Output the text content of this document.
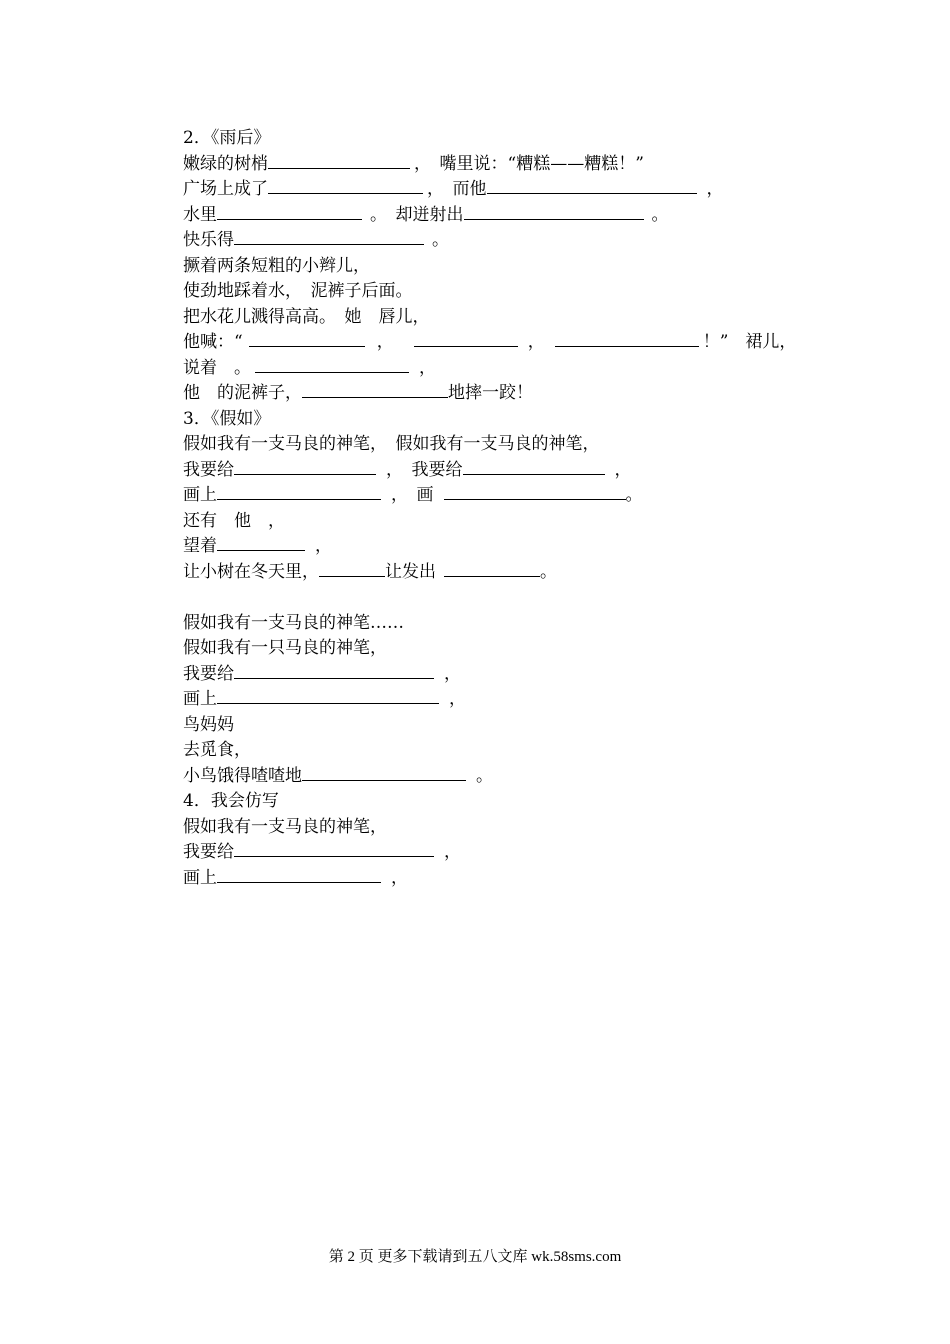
2．《雨后》
嫩绿的树梢	，　嘴里说：“糟糕——糟糕！”
广场上成了	，　而他	，
水里	。　却迸射出	。
快乐得	。
撅着两条短粗的小辫儿，
使劲地踩着水，　泥裤子后面。
把水花儿溅得高高。　她　唇儿，
他喊：“	，	，	！”　裙儿，
说着　。	，
他　的泥裤子，	地摔一跤！
3．《假如》
假如我有一支马良的神笔，　假如我有一支马良的神笔，
我要给	，　我要给	，
画上	，　画	。
还有　他　，
望着	，
让小树在冬天里，	让发出	。
假如我有一支马良的神笔……
假如我有一只马良的神笔，
我要给	，
画上	，
鸟妈妈
去觅食，
小鸟饿得喳喳地	。
4．我会仿写
假如我有一支马良的神笔，
我要给	，
画上	，
第 2 页 更多下载请到五八文库 wk.58sms.com
